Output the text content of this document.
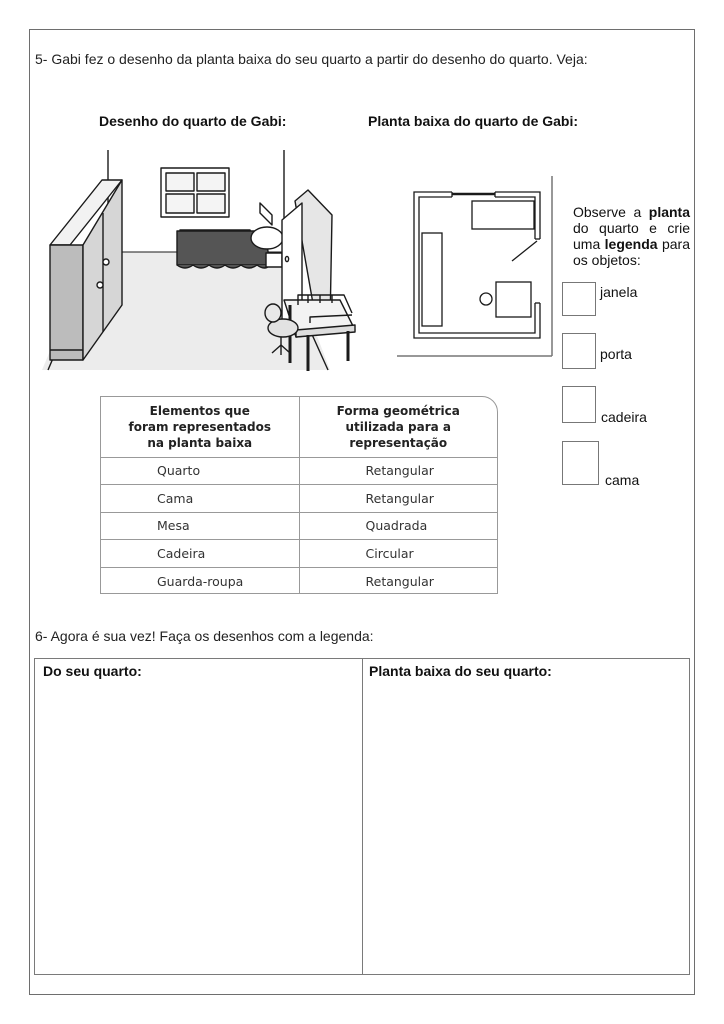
5- Gabi fez o desenho da planta baixa do seu quarto a partir do desenho do quarto. Veja:
Desenho do quarto de Gabi:	Planta baixa do quarto de Gabi:
Observe a planta do quarto e crie uma legenda para os objetos:
janela
porta
cadeira
cama
Elementos que
foram representados
na planta baixa

Forma geométrica
utilizada para a
representação

Quarto	Retangular
Cama	Retangular
Mesa	Quadrada
Cadeira	Circular
Guarda-roupa	Retangular
6- Agora é sua vez! Faça os desenhos com a legenda:
Do seu quarto:	Planta baixa do seu quarto:
